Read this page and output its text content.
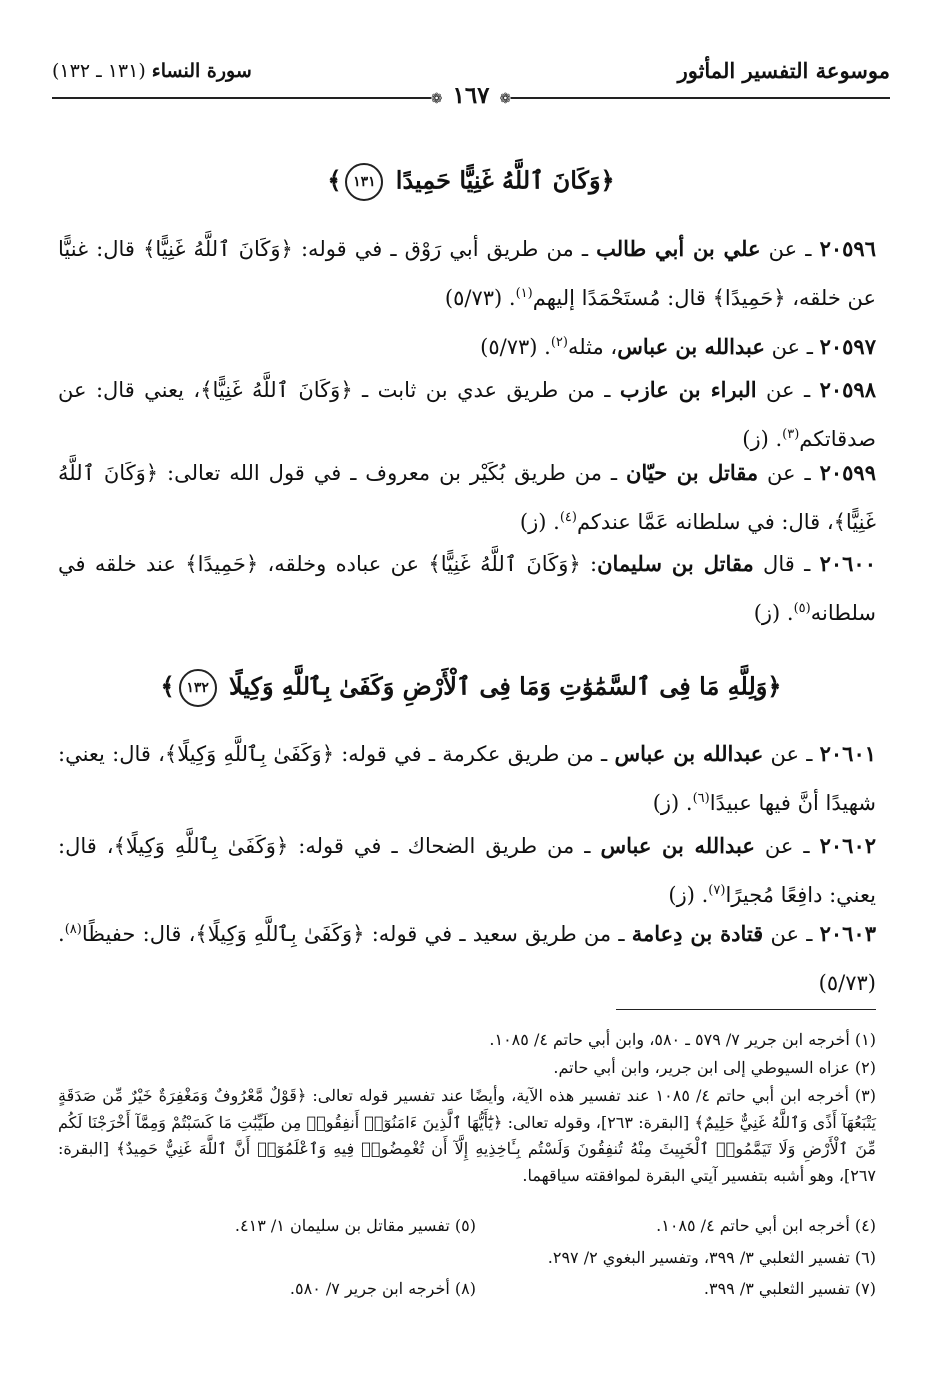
موسوعة التفسير المأثور
سورة النساء (١٣١ ـ ١٣٢)
❁١٦٧❁
﴿وَكَانَ ٱللَّهُ غَنِيًّا حَمِيدًا ١٣١﴾
٢٠٥٩٦ ـ عن علي بن أبي طالب ـ من طريق أبي رَوْق ـ في قوله: ﴿وَكَانَ ٱللَّهُ غَنِيًّا﴾ قال: غنيًّا عن خلقه، ﴿حَمِيدًا﴾ قال: مُستَحْمَدًا إليهم$^{(١)}$. (٥/٧٣)
٢٠٥٩٧ ـ عن عبدالله بن عباس، مثله$^{(٢)}$. (٥/٧٣)
٢٠٥٩٨ ـ عن البراء بن عازب ـ من طريق عدي بن ثابت ـ ﴿وَكَانَ ٱللَّهُ غَنِيًّا﴾، يعني قال: عن صدقاتكم$^{(٣)}$. (ز)
٢٠٥٩٩ ـ عن مقاتل بن حيّان ـ من طريق بُكَيْر بن معروف ـ في قول الله تعالى: ﴿وَكَانَ ٱللَّهُ غَنِيًّا﴾، قال: في سلطانه عَمَّا عندكم$^{(٤)}$. (ز)
٢٠٦٠٠ ـ قال مقاتل بن سليمان: ﴿وَكَانَ ٱللَّهُ غَنِيًّا﴾ عن عباده وخلقه، ﴿حَمِيدًا﴾ عند خلقه في سلطانه$^{(٥)}$. (ز)
﴿وَلِلَّهِ مَا فِى ٱلسَّمَٰوَٰتِ وَمَا فِى ٱلْأَرْضِ وَكَفَىٰ بِٱللَّهِ وَكِيلًا ١٣٢﴾
٢٠٦٠١ ـ عن عبدالله بن عباس ـ من طريق عكرمة ـ في قوله: ﴿وَكَفَىٰ بِٱللَّهِ وَكِيلًا﴾، قال: يعني: شهيدًا أنَّ فيها عبيدًا$^{(٦)}$. (ز)
٢٠٦٠٢ ـ عن عبدالله بن عباس ـ من طريق الضحاك ـ في قوله: ﴿وَكَفَىٰ بِٱللَّهِ وَكِيلًا﴾، قال: يعني: دافِعًا مُجيرًا$^{(٧)}$. (ز)
٢٠٦٠٣ ـ عن قتادة بن دِعامة ـ من طريق سعيد ـ في قوله: ﴿وَكَفَىٰ بِٱللَّهِ وَكِيلًا﴾، قال: حفيظًا$^{(٨)}$. (٥/٧٣)
(١) أخرجه ابن جرير ٧/ ٥٧٩ ـ ٥٨٠، وابن أبي حاتم ٤/ ١٠٨٥.
(٢) عزاه السيوطي إلى ابن جرير، وابن أبي حاتم.
(٣) أخرجه ابن أبي حاتم ٤/ ١٠٨٥ عند تفسير هذه الآية، وأيضًا عند تفسير قوله تعالى: ﴿قَوْلٌ مَّعْرُوفٌ وَمَغْفِرَةٌ خَيْرٌ مِّن صَدَقَةٍ يَتْبَعُهَآ أَذًى وَٱللَّهُ غَنِيٌّ حَلِيمٌ﴾ [البقرة: ٢٦٣]، وقوله تعالى: ﴿يَٰٓأَيُّهَا ٱلَّذِينَ ءَامَنُوٓا۟ أَنفِقُوا۟ مِن طَيِّبَٰتِ مَا كَسَبْتُمْ وَمِمَّآ أَخْرَجْنَا لَكُم مِّنَ ٱلْأَرْضِ وَلَا تَيَمَّمُوا۟ ٱلْخَبِيثَ مِنْهُ تُنفِقُونَ وَلَسْتُم بِـَٔاخِذِيهِ إِلَّآ أَن تُغْمِضُوا۟ فِيهِ وَٱعْلَمُوٓا۟ أَنَّ ٱللَّهَ غَنِيٌّ حَمِيدٌ﴾ [البقرة: ٢٦٧]، وهو أشبه بتفسير آيتي البقرة لموافقته سياقهما.
(٤) أخرجه ابن أبي حاتم ٤/ ١٠٨٥.
(٥) تفسير مقاتل بن سليمان ١/ ٤١٣.
(٦) تفسير الثعلبي ٣/ ٣٩٩، وتفسير البغوي ٢/ ٢٩٧.
(٧) تفسير الثعلبي ٣/ ٣٩٩.
(٨) أخرجه ابن جرير ٧/ ٥٨٠.
